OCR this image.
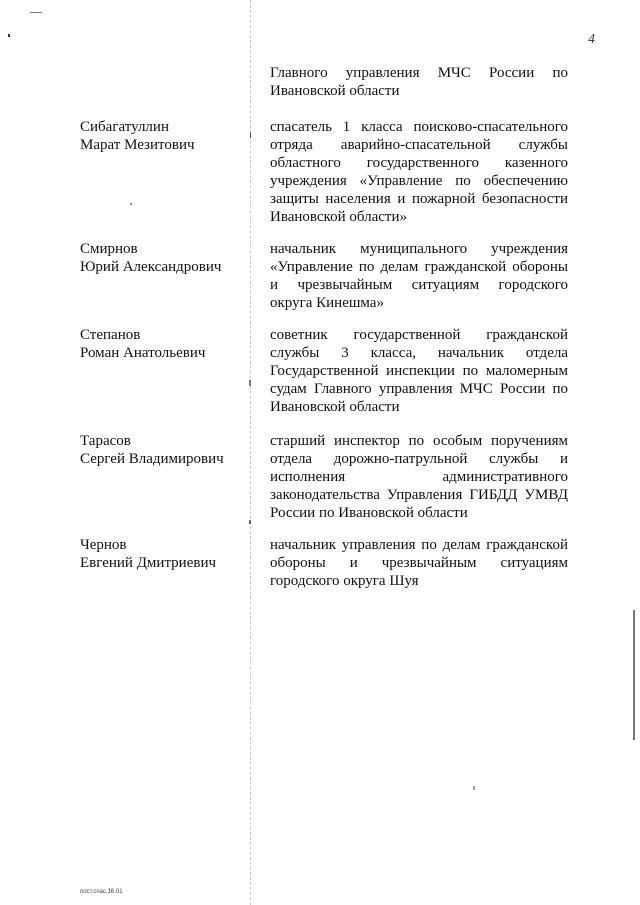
4
Главного управления МЧС России по
Ивановской области
Сибагатуллин
Марат Мезитович
спасатель 1 класса поисково-спасательного
отряда аварийно-спасательной службы
областного государственного казенного
учреждения «Управление по обеспечению
защиты населения и пожарной безопасности
Ивановской области»
Смирнов
Юрий Александрович
начальник муниципального учреждения
«Управление по делам гражданской обороны
и чрезвычайным ситуациям городского
округа Кинешма»
Степанов
Роман Анатольевич
советник государственной гражданской
службы 3 класса, начальник отдела
Государственной инспекции по маломерным
судам Главного управления МЧС России по
Ивановской области
Тарасов
Сергей Владимирович
старший инспектор по особым поручениям
отдела дорожно-патрульной службы и
исполнения административного
законодательства Управления ГИБДД УМВД
России по Ивановской области
Чернов
Евгений Дмитриевич
начальник управления по делам гражданской
обороны и чрезвычайным ситуациям
городского округа Шуя
пост.спас.16.01
